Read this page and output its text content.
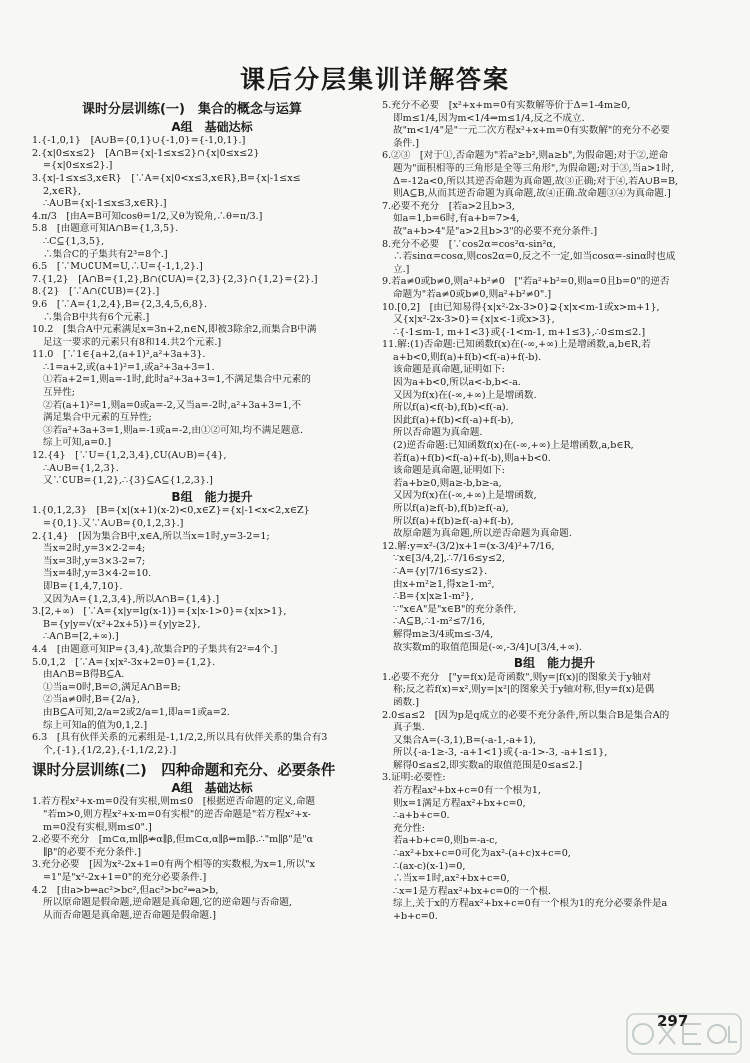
课后分层集训详解答案
课时分层训练(一)　集合的概念与运算
A组　基础达标
1.{-1,0,1}　[A∪B={0,1}∪{-1,0}={-1,0,1}.]
2.{x|0≤x≤2}　[A∩B={x|-1≤x≤2}∩{x|0≤x≤2}
={x|0≤x≤2}.]
3.{x|-1≤x≤3,x∈R}　[∵A={x|0<x≤3,x∈R},B={x|-1≤x≤
2,x∈R},
∴A∪B={x|-1≤x≤3,x∈R}.]
4.π/3　[由A=B可知cosθ=1/2,又θ为锐角,∴θ=π/3.]
5.8　[由题意可知A∩B={1,3,5}.
∴C⊆{1,3,5},
∴集合C的子集共有2³=8个.]
6.5　[∵M∪∁UM=U,∴U={-1,1,2}.]
7.{1,2}　[A∩B={1,2},B∩(∁UA)={2,3}{2,3}∩{1,2}={2}.]
8.{2}　[∵A∩(∁UB)={2}.]
9.6　[∵A={1,2,4},B={2,3,4,5,6,8}.
∴集合B中共有6个元素.]
10.2　[集合A中元素满足x=3n+2,n∈N,即被3除余2,而集合B中满
足这一要求的元素只有8和14.共2个元素.]
11.0　[∵1∈{a+2,(a+1)²,a²+3a+3}.
∴1=a+2,或(a+1)²=1,或a²+3a+3=1.
①若a+2=1,则a=-1时,此时a²+3a+3=1,不满足集合中元素的
互异性;
②若(a+1)²=1,则a=0或a=-2,又当a=-2时,a²+3a+3=1,不
满足集合中元素的互异性;
③若a²+3a+3=1,则a=-1或a=-2,由①②可知,均不满足题意.
综上可知,a=0.]
12.{4}　[∵U={1,2,3,4},∁U(A∪B)={4},
∴A∪B={1,2,3}.
又∵∁UB={1,2},∴{3}⊆A⊆{1,2,3}.]
B组　能力提升
1.{0,1,2,3}　[B={x|(x+1)(x-2)<0,x∈Z}={x|-1<x<2,x∈Z}
={0,1}.又∵A∪B={0,1,2,3}.]
2.{1,4}　[因为集合B中,x∈A,所以当x=1时,y=3-2=1;
当x=2时,y=3×2-2=4;
当x=3时,y=3×3-2=7;
当x=4时,y=3×4-2=10.
即B={1,4,7,10}.
又因为A={1,2,3,4},所以A∩B={1,4}.]
3.[2,+∞)　[∵A={x|y=lg(x-1)}={x|x-1>0}={x|x>1},
B={y|y=√(x²+2x+5)}={y|y≥2},
∴A∩B=[2,+∞).]
4.4　[由题意可知P={3,4},故集合P的子集共有2²=4个.]
5.0,1,2　[∵A={x|x²-3x+2=0}={1,2}.
由A∩B=B得B⊆A.
①当a=0时,B=∅,满足A∩B=B;
②当a≠0时,B={2/a},
由B⊆A可知,2/a=2或2/a=1,即a=1或a=2.
综上可知a的值为0,1,2.]
6.3　[具有伙伴关系的元素组是-1,1/2,2,所以具有伙伴关系的集合有3
个,{-1},{1/2,2},{-1,1/2,2}.]
课时分层训练(二)　四种命题和充分、必要条件
A组　基础达标
1.若方程x²+x-m=0没有实根,则m≤0　[根据逆否命题的定义,命题
"若m>0,则方程x²+x-m=0有实根"的逆否命题是"若方程x²+x-
m=0没有实根,则m≤0".]
2.必要不充分　[m⊂α,m∥β⇏α∥β,但m⊂α,α∥β⇒m∥β.∴"m∥β"是"α
∥β"的必要不充分条件.]
3.充分必要　[因为x²-2x+1=0有两个相等的实数根,为x=1,所以"x
=1"是"x²-2x+1=0"的充分必要条件.]
4.2　[由a>b⇒ac²>bc²,但ac²>bc²⇒a>b,
所以原命题是假命题,逆命题是真命题,它的逆命题与否命题,
从而否命题是真命题,逆否命题是假命题.]
5.充分不必要　[x²+x+m=0有实数解等价于Δ=1-4m≥0,
即m≤1/4,因为m<1/4⇒m≤1/4,反之不成立.
故"m<1/4"是"一元二次方程x²+x+m=0有实数解"的充分不必要
条件.]
6.②③　[对于①,否命题为"若a²≥b²,则a≥b",为假命题;对于②,逆命
题为"面积相等的三角形是全等三角形",为假命题;对于③,当a>1时,
Δ=-12a<0,所以其逆否命题为真命题,故③正确;对于④,若A∪B=B,
则A⊆B,从而其逆否命题为真命题,故④正确.故命题③④为真命题.]
7.必要不充分　[若a>2且b>3,
如a=1,b=6时,有a+b=7>4,
故"a+b>4"是"a>2且b>3"的必要不充分条件.]
8.充分不必要　[∵cos2α=cos²α-sin²α,
∴若sinα=cosα,则cos2α=0,反之不一定,如当cosα=-sinα时也成
立.]
9.若a≠0或b≠0,则a²+b²≠0　["若a²+b²=0,则a=0且b=0"的逆否
命题为"若a≠0或b≠0,则a²+b²≠0".]
10.[0,2]　[由已知易得{x|x²-2x-3>0}⊋{x|x<m-1或x>m+1},
又{x|x²-2x-3>0}={x|x<-1或x>3},
∴{-1≤m-1, m+1<3}或{-1<m-1, m+1≤3},∴0≤m≤2.]
11.解:(1)否命题:已知函数f(x)在(-∞,+∞)上是增函数,a,b∈R,若
a+b<0,则f(a)+f(b)<f(-a)+f(-b).
该命题是真命题,证明如下:
因为a+b<0,所以a<-b,b<-a.
又因为f(x)在(-∞,+∞)上是增函数.
所以f(a)<f(-b),f(b)<f(-a).
因此f(a)+f(b)<f(-a)+f(-b),
所以否命题为真命题.
(2)逆否命题:已知函数f(x)在(-∞,+∞)上是增函数,a,b∈R,
若f(a)+f(b)<f(-a)+f(-b),则a+b<0.
该命题是真命题,证明如下:
若a+b≥0,则a≥-b,b≥-a,
又因为f(x)在(-∞,+∞)上是增函数,
所以f(a)≥f(-b),f(b)≥f(-a),
所以f(a)+f(b)≥f(-a)+f(-b),
故原命题为真命题,所以逆否命题为真命题.
12.解:y=x²-(3/2)x+1=(x-3/4)²+7/16,
∵x∈[3/4,2],∴7/16≤y≤2,
∴A={y|7/16≤y≤2}.
由x+m²≥1,得x≥1-m²,
∴B={x|x≥1-m²},
∵"x∈A"是"x∈B"的充分条件,
∴A⊆B,∴1-m²≤7/16,
解得m≥3/4或m≤-3/4,
故实数m的取值范围是(-∞,-3/4]∪[3/4,+∞).
B组　能力提升
1.必要不充分　["y=f(x)是奇函数",则y=|f(x)|的图象关于y轴对
称;反之若f(x)=x²,则y=|x²|的图象关于y轴对称,但y=f(x)是偶
函数.]
2.0≤a≤2　[因为p是q成立的必要不充分条件,所以集合B是集合A的
真子集.
又集合A=(-3,1),B=(-a-1,-a+1),
所以{-a-1≥-3, -a+1<1}或{-a-1>-3, -a+1≤1},
解得0≤a≤2,即实数a的取值范围是0≤a≤2.]
3.证明:必要性:
若方程ax²+bx+c=0有一个根为1,
则x=1满足方程ax²+bx+c=0,
∴a+b+c=0.
充分性:
若a+b+c=0,则b=-a-c,
∴ax²+bx+c=0可化为ax²-(a+c)x+c=0,
∴(ax-c)(x-1)=0,
∴当x=1时,ax²+bx+c=0,
∴x=1是方程ax²+bx+c=0的一个根.
综上,关于x的方程ax²+bx+c=0有一个根为1的充分必要条件是a
+b+c=0.
297
